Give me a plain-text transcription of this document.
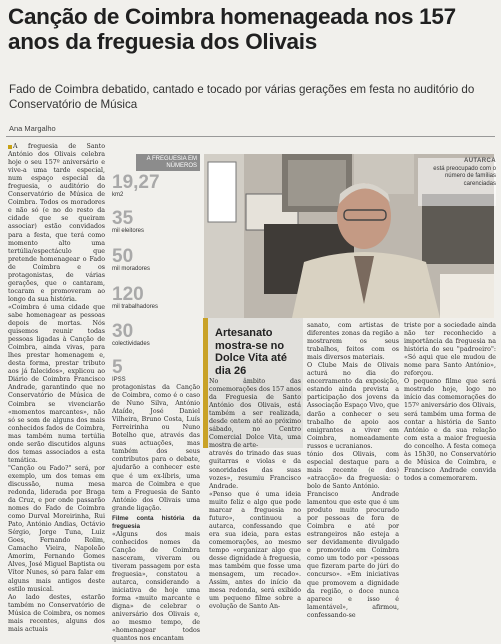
Canção de Coimbra homenageada nos 157 anos da freguesia dos Olivais

Fado de Coimbra debatido, cantado e tocado por várias gerações em festa no auditório do Conservatório de Música

Ana Margalho

A freguesia de Santo António dos Olivais celebra hoje o seu 157º aniversário e vive-a uma tarde especial, num espaço especial da freguesia, o auditório do Conservatório de Música de Coimbra. Todos os moradores e não só (e no do resto da cidade que se queiram associar) estão convidados para a festa, que terá como momento alto uma tertúlia/espectáculo que pretende homenagear o Fado de Coimbra e os protagonistas, de várias gerações, que o cantaram, tocaram e promoveram ao longo da sua história.

«Coimbra é uma cidade que sabe homenagear as pessoas depois de mortas. Nós quisemos reunir todas pessoas ligadas à Canção de Coimbra, ainda vivas, para lhes prestar homenagem e, desta forma, prestar tributo aos já falecidos», explicou ao Diário de Coimbra Francisco Andrade, garantindo que no Conservatório de Música de Coimbra se vivenciarão «momentos marcantes», não só se som de alguns dos mais conhecidos fados de Coimbra, mas também numa tertúlia onde serão discutidos alguns dos temas associados a esta temática.

"Canção ou Fado?" será, por exemplo, um dos temas em discussão, numa mesa redonda, liderada por Braga da Cruz, e por onde passarão nomes do Fado de Coimbra como Durval Moreirinha, Rui Pato, António Andias, Octávio Sérgio, Jorge Tuna, Luiz Goes, Fernando Rolim, Camacho Vieira, Napoleão Amorim, Fernando Gomes Alves, José Miguel Baptista ou Vítor Nunes, só para falar em alguns mais antigos deste estilo musical.

Ao lado destes, estarão também no Conservatório de Música de Coimbra, os nomes mais recentes, alguns dos mais actuais

A FREGUESIA EM NÚMEROS
19,27
km2
35
mil eleitores
50
mil moradores
120
mil trabalhadores
30
colectividades
5
IPSS

protagonistas da Canção de Coimbra, como é o caso de Nuno Silva, António Ataíde, José Daniel Vilheira, Bruno Costa, Luís Ferreirinha ou Nuno Botelho que, através das suas actuações, mas também dos seus contributos para o debate, ajudarão a conhecer este que é um ex-líbris, uma marca de Coimbra e que tem a Freguesia de Santo António dos Olivais uma grande ligação.

Filme conta história da freguesia

«Alguns dos mais conhecidos nomes da Canção de Coimbra nasceram, viveram ou tiveram passagem por esta freguesia», constatou a autarca, considerando a iniciativa de hoje uma forma «muito marcante e digna» de celebrar o aniversário dos Olivais e, ao mesmo tempo, de «homenagear todos quantos nos encantam

AUTARCA
está preocupado com o número de famílias carenciadas
Artesanato mostra-se no Dolce Vita até dia 26

No âmbito das comemorações dos 157 anos da Freguesia de Santo António dos Olivais, está também a ser realizada, desde ontem até ao próximo sábado, no Centro Comercial Dolce Vita, uma mostra de arte-

através do trinado das suas guitarras e violas e da sonoridades das suas vozes», resumiu Francisco Andrade.

«Penso que é uma ideia muito feliz e algo que pode marcar a freguesia no futuro», continuou a autarca, confessando que era sua ideia, para estas comemorações, ao mesmo tempo «organizar algo que desse dignidade à freguesia, mas também que fosse uma mensagem, um recado». Assim, antes do início da mesa redonda, será exibido um pequeno filme sobre a evolução de Santo An-

sanato, com artistas de diferentes zonas da região a mostrarem os seus trabalhos, feitos com os mais diversos materiais.

O Clube Mais de Olivais acturá no dia do encerramento da exposição, estando ainda prevista a participação dos jovens da Associação Espaço Vivo, que darão a conhecer o seu trabalho de apoio aos emigrantes a viver em Coimbra, nomeadamente russos e ucranianos.

tónio dos Olivais, com especial destaque para a mais recente (e dos) «atracção» da freguesia: o bolo de Santo António.

Francisco Andrade lamentou que este que é um produto muito procurado por pessoas de fora de Coimbra e até por estrangeiros não esteja a ser devidamente divulgado e promovido em Coimbra como um todo por «pessoas que fizeram parte do júri do concurso». «Em iniciativas que promovem a dignidade da região, o doce nunca aparece e isso é lamentável», afirmou, confessando-se

triste por a sociedade ainda não ter reconhecido a importância da freguesia na história do seu "padroeiro": «Só aqui que ele mudou de nome para Santo António», reforçou.

O pequeno filme que será mostrado hoje, logo no início das comemorações do 157º aniversário dos Olivais, será também uma forma de contar a história de Santo António e da sua relação com esta a maior freguesia do concelho. A festa começa às 15h30, no Conservatório de Música de Coimbra, e Francisco Andrade convida todos a comemorarem.
